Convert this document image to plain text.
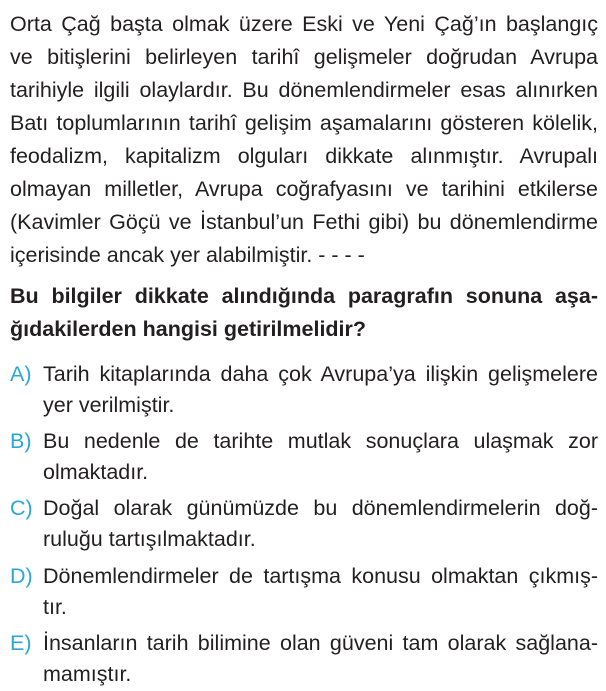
Orta Çağ başta olmak üzere Eski ve Yeni Çağ’ın başlangıç
ve bitişlerini belirleyen tarihî gelişmeler doğrudan Avrupa
tarihiyle ilgili olaylardır. Bu dönemlendirmeler esas alınırken
Batı toplumlarının tarihî gelişim aşamalarını gösteren kölelik,
feodalizm, kapitalizm olguları dikkate alınmıştır. Avrupalı
olmayan milletler, Avrupa coğrafyasını ve tarihini etkilerse
(Kavimler Göçü ve İstanbul’un Fethi gibi) bu dönemlendirme
içerisinde ancak yer alabilmiştir. - - - -
Bu bilgiler dikkate alındığında paragrafın sonuna aşa-
ğıdakilerden hangisi getirilmelidir?
A) Tarih kitaplarında daha çok Avrupa’ya ilişkin gelişmelere
yer verilmiştir.
B) Bu nedenle de tarihte mutlak sonuçlara ulaşmak zor
olmaktadır.
C) Doğal olarak günümüzde bu dönemlendirmelerin doğ-
ruluğu tartışılmaktadır.
D) Dönemlendirmeler de tartışma konusu olmaktan çıkmış-
tır.
E) İnsanların tarih bilimine olan güveni tam olarak sağlana-
mamıştır.
